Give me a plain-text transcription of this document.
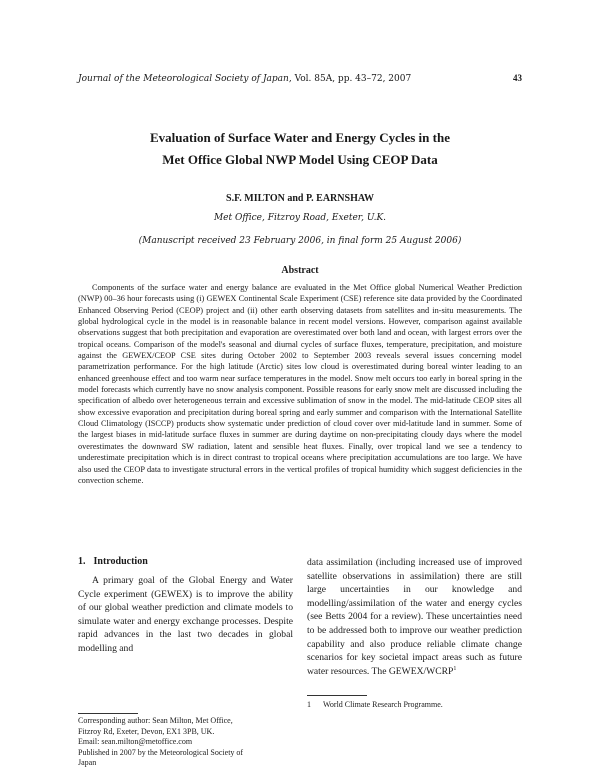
Journal of the Meteorological Society of Japan, Vol. 85A, pp. 43–72, 2007	43
Evaluation of Surface Water and Energy Cycles in the
Met Office Global NWP Model Using CEOP Data
S.F. MILTON and P. EARNSHAW
Met Office, Fitzroy Road, Exeter, U.K.
(Manuscript received 23 February 2006, in final form 25 August 2006)
Abstract

Components of the surface water and energy balance are evaluated in the Met Office global Numerical Weather Prediction (NWP) 00–36 hour forecasts using (i) GEWEX Continental Scale Experiment (CSE) reference site data provided by the Coordinated Enhanced Observing Period (CEOP) project and (ii) other earth observing datasets from satellites and in-situ measurements. The global hydrological cycle in the model is in reasonable balance in recent model versions. However, comparison against available observations suggest that both precipitation and evaporation are overestimated over both land and ocean, with largest errors over the tropical oceans. Comparison of the model's seasonal and diurnal cycles of surface fluxes, temperature, precipitation, and moisture against the GEWEX/CEOP CSE sites during October 2002 to September 2003 reveals several issues concerning model parametrization performance. For the high latitude (Arctic) sites low cloud is overestimated during boreal winter leading to an enhanced greenhouse effect and too warm near surface temperatures in the model. Snow melt occurs too early in boreal spring in the model forecasts which currently have no snow analysis component. Possible reasons for early snow melt are discussed including the specification of albedo over heterogeneous terrain and excessive sublimation of snow in the model. The mid-latitude CEOP sites all show excessive evaporation and precipitation during boreal spring and early summer and comparison with the International Satellite Cloud Climatology (ISCCP) products show systematic under prediction of cloud cover over mid-latitude land in summer. Some of the largest biases in mid-latitude surface fluxes in summer are during daytime on non-precipitating cloudy days where the model overestimates the downward SW radiation, latent and sensible heat fluxes. Finally, over tropical land we see a tendency to underestimate precipitation which is in direct contrast to tropical oceans where precipitation accumulations are too large. We have also used the CEOP data to investigate structural errors in the vertical profiles of tropical humidity which suggest deficiencies in the convection scheme.

1. Introduction

A primary goal of the Global Energy and Water Cycle experiment (GEWEX) is to improve the ability of our global weather prediction and climate models to simulate water and energy exchange processes. Despite rapid advances in the last two decades in global modelling and

data assimilation (including increased use of improved satellite observations in assimilation) there are still large uncertainties in our knowledge and modelling/assimilation of the water and energy cycles (see Betts 2004 for a review). These uncertainties need to be addressed both to improve our weather prediction capability and also produce reliable climate change scenarios for key societal impact areas such as future water resources. The GEWEX/WCRP$^1$

Corresponding author: Sean Milton, Met Office,
Fitzroy Rd, Exeter, Devon, EX1 3PB, UK.
Email: sean.milton@metoffice.com
Published in 2007 by the Meteorological Society of
Japan
1 World Climate Research Programme.
